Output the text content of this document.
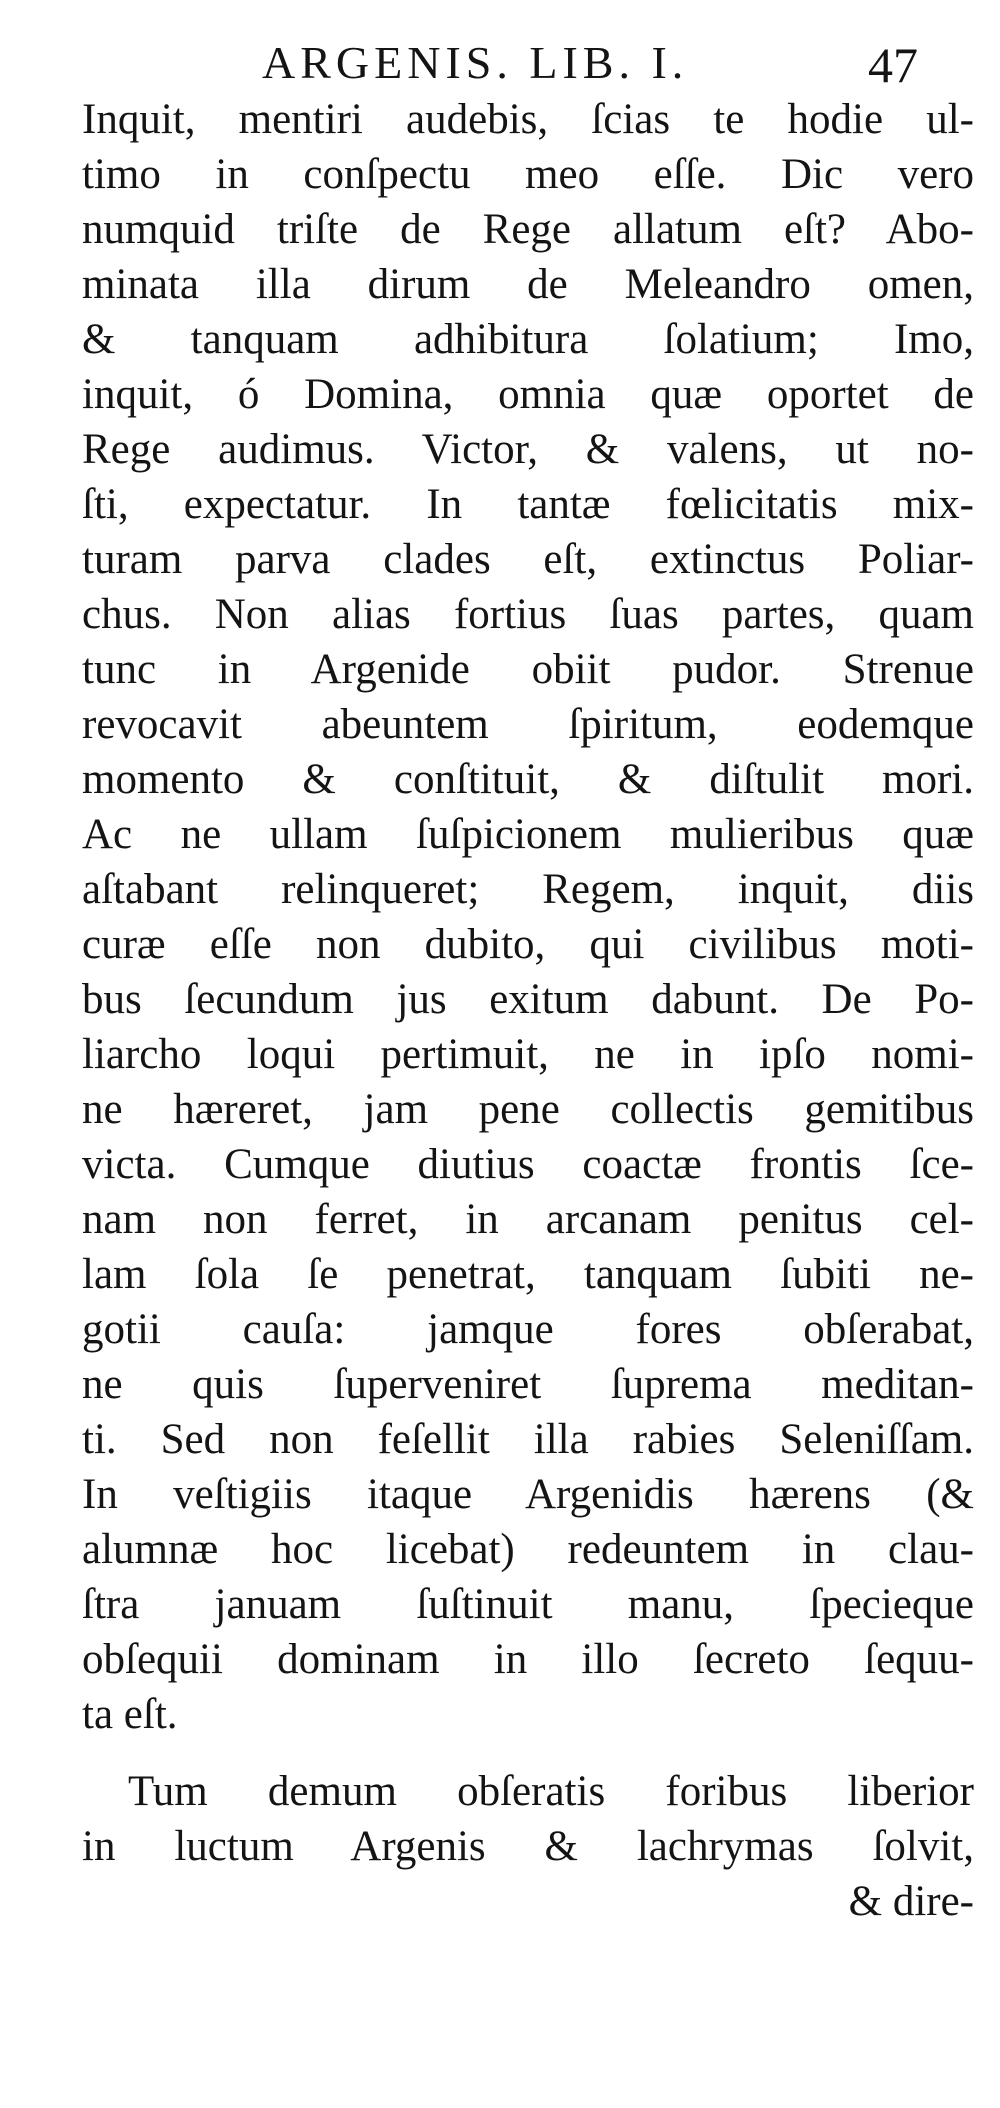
ARGENIS. LIB. I.	47
Inquit, mentiri audebis, ſcias te hodie ul-
timo in conſpectu meo eſſe. Dic vero
numquid triſte de Rege allatum eſt? Abo-
minata illa dirum de Meleandro omen,
& tanquam adhibitura ſolatium; Imo,
inquit, ó Domina, omnia quæ oportet de
Rege audimus. Victor, & valens, ut no-
ſti, expectatur. In tantæ fœlicitatis mix-
turam parva clades eſt, extinctus Poliar-
chus. Non alias fortius ſuas partes, quam
tunc in Argenide obiit pudor. Strenue
revocavit abeuntem ſpiritum, eodemque
momento & conſtituit, & diſtulit mori.
Ac ne ullam ſuſpicionem mulieribus quæ
aſtabant relinqueret; Regem, inquit, diis
curæ eſſe non dubito, qui civilibus moti-
bus ſecundum jus exitum dabunt. De Po-
liarcho loqui pertimuit, ne in ipſo nomi-
ne hæreret, jam pene collectis gemitibus
victa. Cumque diutius coactæ frontis ſce-
nam non ferret, in arcanam penitus cel-
lam ſola ſe penetrat, tanquam ſubiti ne-
gotii cauſa: jamque fores obſerabat,
ne quis ſuperveniret ſuprema meditan-
ti. Sed non feſellit illa rabies Seleniſſam.
In veſtigiis itaque Argenidis hærens (&
alumnæ hoc licebat) redeuntem in clau-
ſtra januam ſuſtinuit manu, ſpecieque
obſequii dominam in illo ſecreto ſequu-
ta eſt.
Tum demum obſeratis foribus liberior
in luctum Argenis & lachrymas ſolvit,
& dire-
